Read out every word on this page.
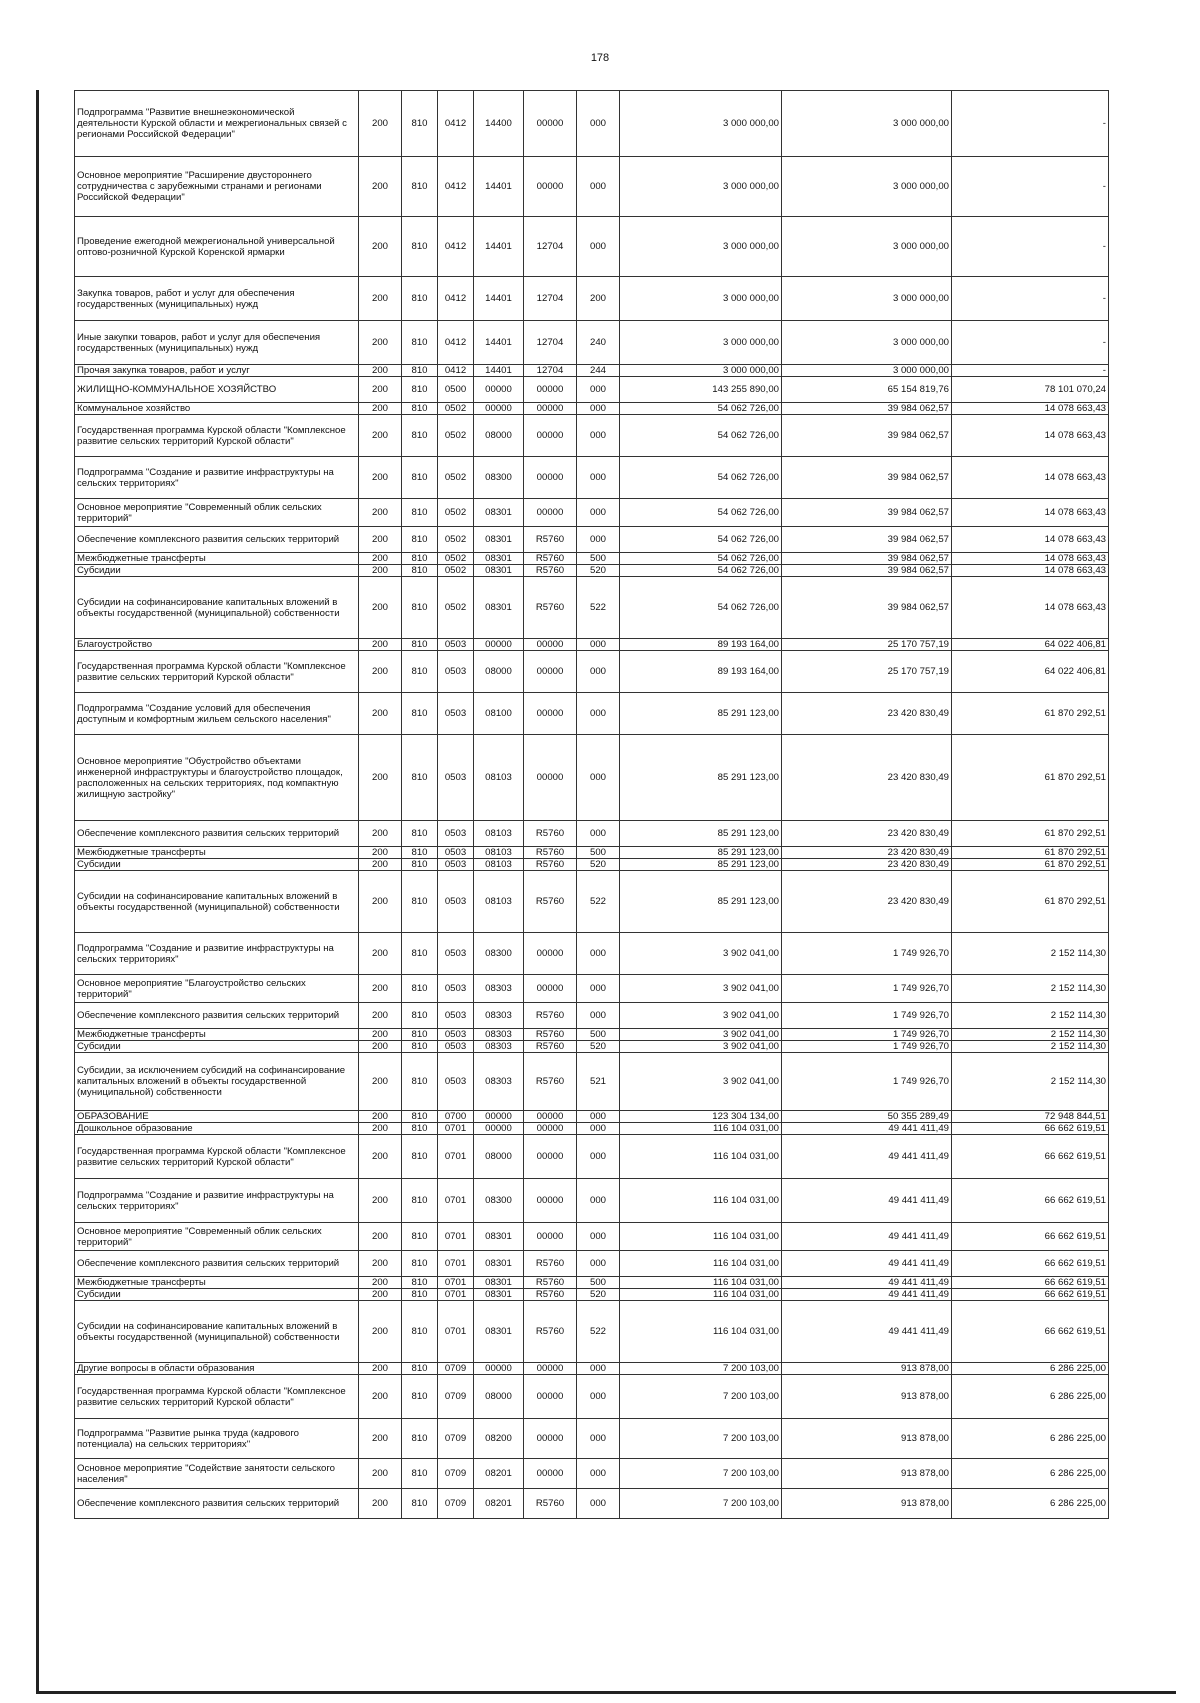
178
Подпрограмма "Развитие внешнеэкономической деятельности Курской области и межрегиональных связей с регионами Российской Федерации"	200	810	0412	14400	00000	000	3 000 000,00	3 000 000,00	-
Основное мероприятие "Расширение двустороннего сотрудничества с зарубежными странами и регионами Российской Федерации"	200	810	0412	14401	00000	000	3 000 000,00	3 000 000,00	-
Проведение ежегодной межрегиональной универсальной оптово-розничной Курской Коренской ярмарки	200	810	0412	14401	12704	000	3 000 000,00	3 000 000,00	-
Закупка товаров, работ и услуг для обеспечения государственных (муниципальных) нужд	200	810	0412	14401	12704	200	3 000 000,00	3 000 000,00	-
Иные закупки товаров, работ и услуг для обеспечения государственных (муниципальных) нужд	200	810	0412	14401	12704	240	3 000 000,00	3 000 000,00	-
Прочая закупка товаров, работ и услуг	200	810	0412	14401	12704	244	3 000 000,00	3 000 000,00	-
ЖИЛИЩНО-КОММУНАЛЬНОЕ ХОЗЯЙСТВО	200	810	0500	00000	00000	000	143 255 890,00	65 154 819,76	78 101 070,24
Коммунальное хозяйство	200	810	0502	00000	00000	000	54 062 726,00	39 984 062,57	14 078 663,43
Государственная программа Курской области "Комплексное развитие сельских территорий Курской области"	200	810	0502	08000	00000	000	54 062 726,00	39 984 062,57	14 078 663,43
Подпрограмма "Создание и развитие инфраструктуры на сельских территориях"	200	810	0502	08300	00000	000	54 062 726,00	39 984 062,57	14 078 663,43
Основное мероприятие "Современный облик сельских территорий"	200	810	0502	08301	00000	000	54 062 726,00	39 984 062,57	14 078 663,43
Обеспечение комплексного развития сельских территорий	200	810	0502	08301	R5760	000	54 062 726,00	39 984 062,57	14 078 663,43
Межбюджетные трансферты	200	810	0502	08301	R5760	500	54 062 726,00	39 984 062,57	14 078 663,43
Субсидии	200	810	0502	08301	R5760	520	54 062 726,00	39 984 062,57	14 078 663,43
Субсидии на софинансирование капитальных вложений в объекты государственной (муниципальной) собственности	200	810	0502	08301	R5760	522	54 062 726,00	39 984 062,57	14 078 663,43
Благоустройство	200	810	0503	00000	00000	000	89 193 164,00	25 170 757,19	64 022 406,81
Государственная программа Курской области "Комплексное развитие сельских территорий Курской области"	200	810	0503	08000	00000	000	89 193 164,00	25 170 757,19	64 022 406,81
Подпрограмма "Создание условий для обеспечения доступным и комфортным жильем сельского населения"	200	810	0503	08100	00000	000	85 291 123,00	23 420 830,49	61 870 292,51
Основное мероприятие "Обустройство объектами инженерной инфраструктуры и благоустройство площадок, расположенных на сельских территориях, под компактную жилищную застройку"	200	810	0503	08103	00000	000	85 291 123,00	23 420 830,49	61 870 292,51
Обеспечение комплексного развития сельских территорий	200	810	0503	08103	R5760	000	85 291 123,00	23 420 830,49	61 870 292,51
Межбюджетные трансферты	200	810	0503	08103	R5760	500	85 291 123,00	23 420 830,49	61 870 292,51
Субсидии	200	810	0503	08103	R5760	520	85 291 123,00	23 420 830,49	61 870 292,51
Субсидии на софинансирование капитальных вложений в объекты государственной (муниципальной) собственности	200	810	0503	08103	R5760	522	85 291 123,00	23 420 830,49	61 870 292,51
Подпрограмма "Создание и развитие инфраструктуры на сельских территориях"	200	810	0503	08300	00000	000	3 902 041,00	1 749 926,70	2 152 114,30
Основное мероприятие "Благоустройство сельских территорий"	200	810	0503	08303	00000	000	3 902 041,00	1 749 926,70	2 152 114,30
Обеспечение комплексного развития сельских территорий	200	810	0503	08303	R5760	000	3 902 041,00	1 749 926,70	2 152 114,30
Межбюджетные трансферты	200	810	0503	08303	R5760	500	3 902 041,00	1 749 926,70	2 152 114,30
Субсидии	200	810	0503	08303	R5760	520	3 902 041,00	1 749 926,70	2 152 114,30
Субсидии, за исключением субсидий на софинансирование капитальных вложений в объекты государственной (муниципальной) собственности	200	810	0503	08303	R5760	521	3 902 041,00	1 749 926,70	2 152 114,30
ОБРАЗОВАНИЕ	200	810	0700	00000	00000	000	123 304 134,00	50 355 289,49	72 948 844,51
Дошкольное образование	200	810	0701	00000	00000	000	116 104 031,00	49 441 411,49	66 662 619,51
Государственная программа Курской области "Комплексное развитие сельских территорий Курской области"	200	810	0701	08000	00000	000	116 104 031,00	49 441 411,49	66 662 619,51
Подпрограмма "Создание и развитие инфраструктуры на сельских территориях"	200	810	0701	08300	00000	000	116 104 031,00	49 441 411,49	66 662 619,51
Основное мероприятие "Современный облик сельских территорий"	200	810	0701	08301	00000	000	116 104 031,00	49 441 411,49	66 662 619,51
Обеспечение комплексного развития сельских территорий	200	810	0701	08301	R5760	000	116 104 031,00	49 441 411,49	66 662 619,51
Межбюджетные трансферты	200	810	0701	08301	R5760	500	116 104 031,00	49 441 411,49	66 662 619,51
Субсидии	200	810	0701	08301	R5760	520	116 104 031,00	49 441 411,49	66 662 619,51
Субсидии на софинансирование капитальных вложений в объекты государственной (муниципальной) собственности	200	810	0701	08301	R5760	522	116 104 031,00	49 441 411,49	66 662 619,51
Другие вопросы в области образования	200	810	0709	00000	00000	000	7 200 103,00	913 878,00	6 286 225,00
Государственная программа Курской области "Комплексное развитие сельских территорий Курской области"	200	810	0709	08000	00000	000	7 200 103,00	913 878,00	6 286 225,00
Подпрограмма "Развитие рынка труда (кадрового потенциала) на сельских территориях"	200	810	0709	08200	00000	000	7 200 103,00	913 878,00	6 286 225,00
Основное мероприятие "Содействие занятости сельского населения"	200	810	0709	08201	00000	000	7 200 103,00	913 878,00	6 286 225,00
Обеспечение комплексного развития сельских территорий	200	810	0709	08201	R5760	000	7 200 103,00	913 878,00	6 286 225,00
